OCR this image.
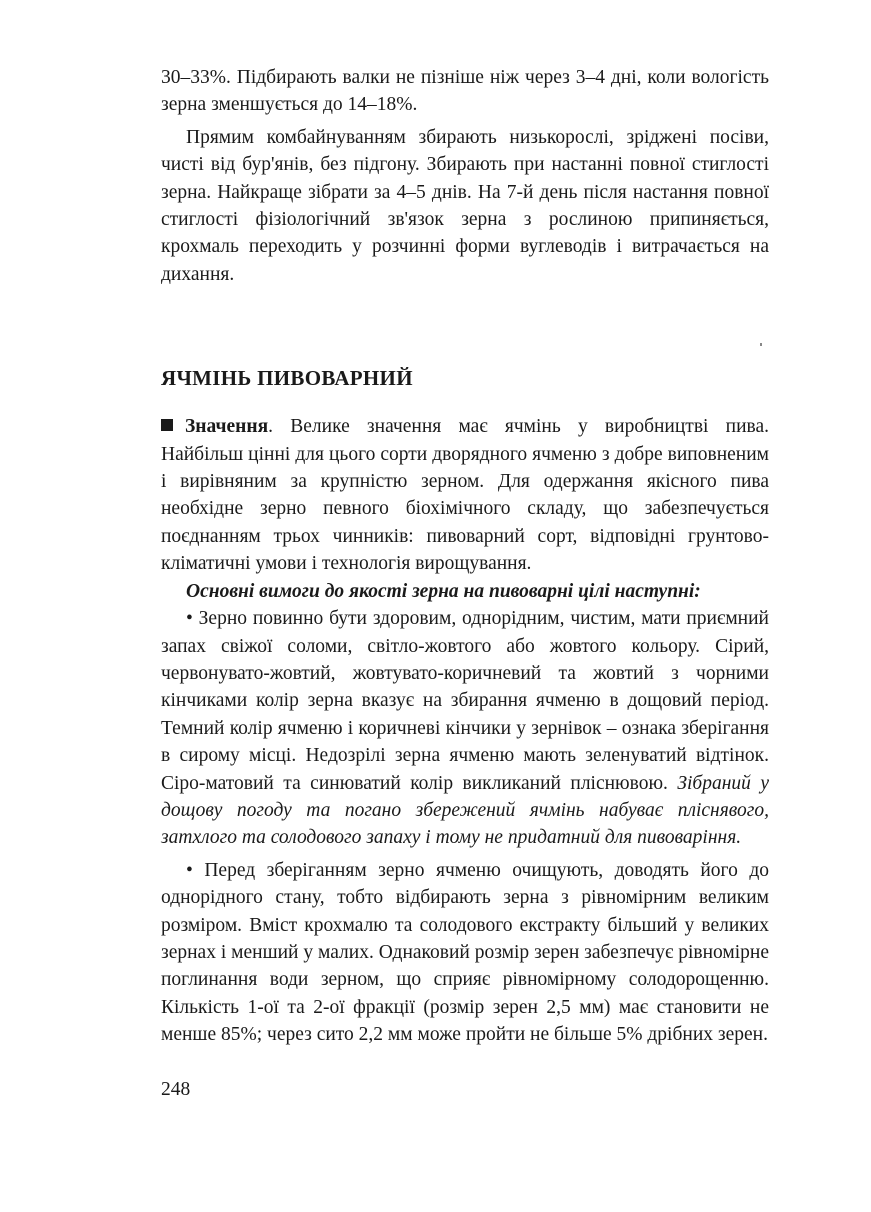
30–33%. Підбирають валки не пізніше ніж через 3–4 дні, коли вологість зерна зменшується до 14–18%.

Прямим комбайнуванням збирають низькорослі, зріджені посіви, чисті від бур'янів, без підгону. Збирають при настанні повної стиглості зерна. Найкраще зібрати за 4–5 днів. На 7-й день після настання повної стиглості фізіологічний зв'язок зерна з рослиною припиняється, крохмаль переходить у розчинні форми вуглеводів і витрачається на дихання.

ЯЧМІНЬ ПИВОВАРНИЙ

Значення. Велике значення має ячмінь у виробництві пива. Найбільш цінні для цього сорти дворядного ячменю з добре виповненим і вирівняним за крупністю зерном. Для одержання якісного пива необхідне зерно певного біохімічного складу, що забезпечується поєднанням трьох чинників: пивоварний сорт, відповідні грунтово-кліматичні умови і технологія вирощування.

Основні вимоги до якості зерна на пивоварні цілі наступні:

• Зерно повинно бути здоровим, однорідним, чистим, мати приємний запах свіжої соломи, світло-жовтого або жовтого кольору. Сірий, червонувато-жовтий, жовтувато-коричневий та жовтий з чорними кінчиками колір зерна вказує на збирання ячменю в дощовий період. Темний колір ячменю і коричневі кінчики у зернівок – ознака зберігання в сирому місці. Недозрілі зерна ячменю мають зеленуватий відтінок. Сіро-матовий та синюватий колір викликаний пліснювою. Зібраний у дощову погоду та погано збережений ячмінь набуває пліснявого, затхлого та солодового запаху і тому не придатний для пивоваріння.

• Перед зберіганням зерно ячменю очищують, доводять його до однорідного стану, тобто відбирають зерна з рівномірним великим розміром. Вміст крохмалю та солодового екстракту більший у великих зернах і менший у малих. Однаковий розмір зерен забезпечує рівномірне поглинання води зерном, що сприяє рівномірному солодорощенню. Кількість 1-ої та 2-ої фракції (розмір зерен 2,5 мм) має становити не менше 85%; через сито 2,2 мм може пройти не більше 5% дрібних зерен.

248
